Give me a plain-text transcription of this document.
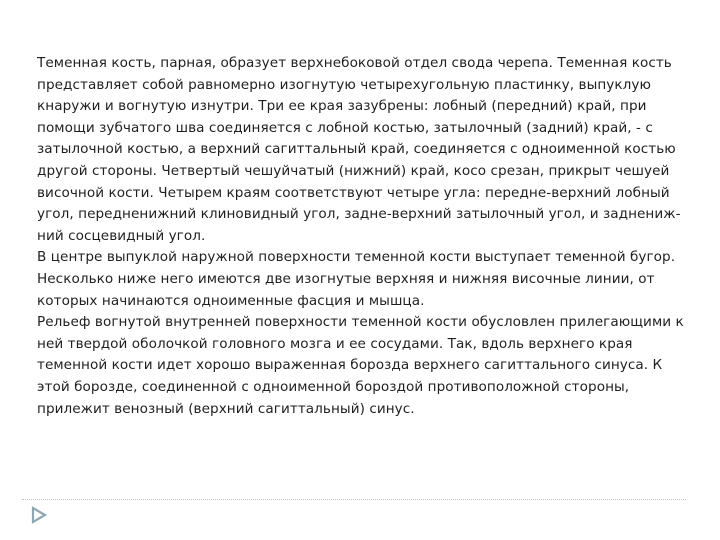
Теменная кость, парная, образует верхнебоковой отдел свода черепа. Теменная кость представляет собой равномерно изогнутую четырехугольную пластинку, выпуклую кнаружи и вогнутую изнутри. Три ее края зазубрены: лобный (передний) край, при помощи зубчатого шва соединяется с лобной костью, затылочный (задний) край, - с затылочной костью, а верхний сагиттальный край, соединяется с одноименной костью другой стороны. Четвертый чешуйчатый (нижний) край, косо срезан, прикрыт чешуей височной кости. Четырем краям соответствуют четыре угла: передне-верхний лобный угол, передненижний клиновидный угол, задне-верхний затылочный угол, и задненижний сосцевидный угол.

В центре выпуклой наружной поверхности теменной кости выступает теменной бугор. Несколько ниже него имеются две изогнутые верхняя и нижняя височные линии, от которых начинаются одноименные фасция и мышца.

Рельеф вогнутой внутренней поверхности теменной кости обусловлен прилегающими к ней твердой оболочкой головного мозга и ее сосудами. Так, вдоль верхнего края теменной кости идет хорошо выраженная борозда верхнего сагиттального синуса. К этой борозде, соединенной с одноименной бороздой противоположной стороны, прилежит венозный (верхний сагиттальный) синус.
